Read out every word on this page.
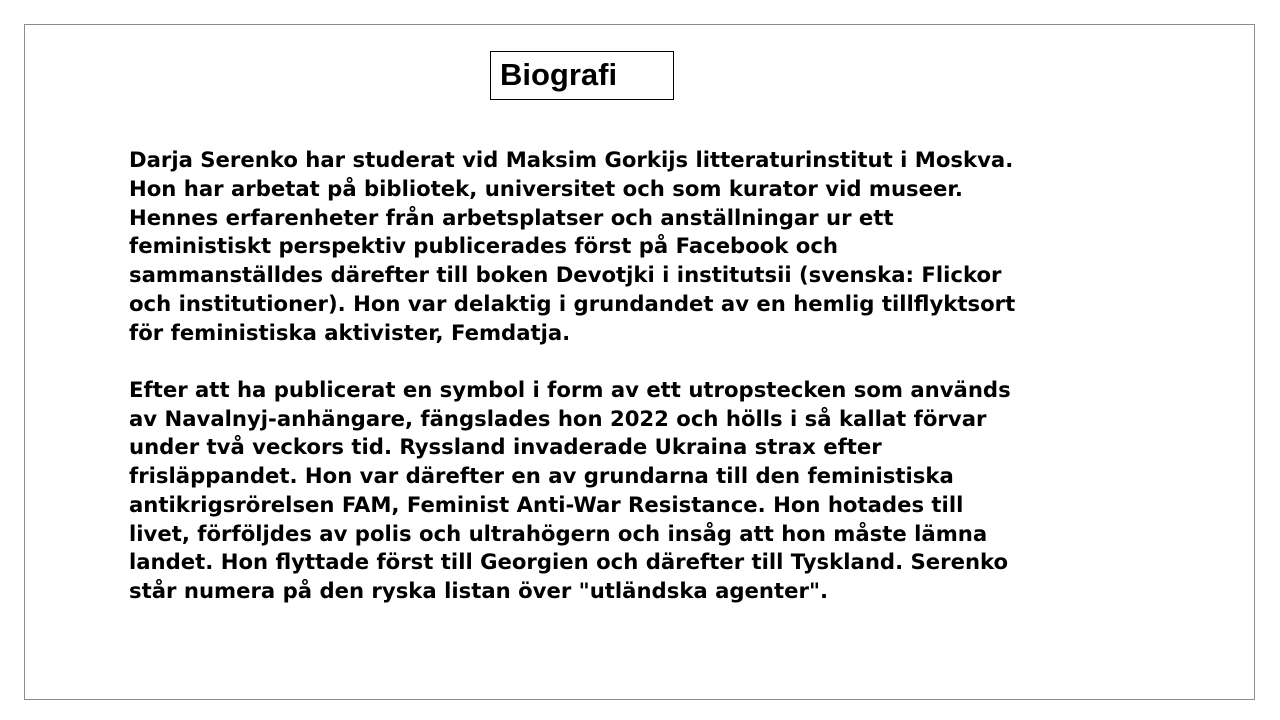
Biografi

Darja Serenko har studerat vid Maksim Gorkijs litteraturinstitut i Moskva.
Hon har arbetat på bibliotek, universitet och som kurator vid museer.
Hennes erfarenheter från arbetsplatser och anställningar ur ett
feministiskt perspektiv publicerades först på Facebook och
sammanställdes därefter till boken Devotjki i institutsii (svenska: Flickor
och institutioner). Hon var delaktig i grundandet av en hemlig tillflyktsort
för feministiska aktivister, Femdatja.

Efter att ha publicerat en symbol i form av ett utropstecken som används
av Navalnyj-anhängare, fängslades hon 2022 och hölls i så kallat förvar
under två veckors tid. Ryssland invaderade Ukraina strax efter
frisläppandet. Hon var därefter en av grundarna till den feministiska
antikrigsrörelsen FAM, Feminist Anti-War Resistance. Hon hotades till
livet, förföljdes av polis och ultrahögern och insåg att hon måste lämna
landet. Hon flyttade först till Georgien och därefter till Tyskland. Serenko
står numera på den ryska listan över "utländska agenter".
